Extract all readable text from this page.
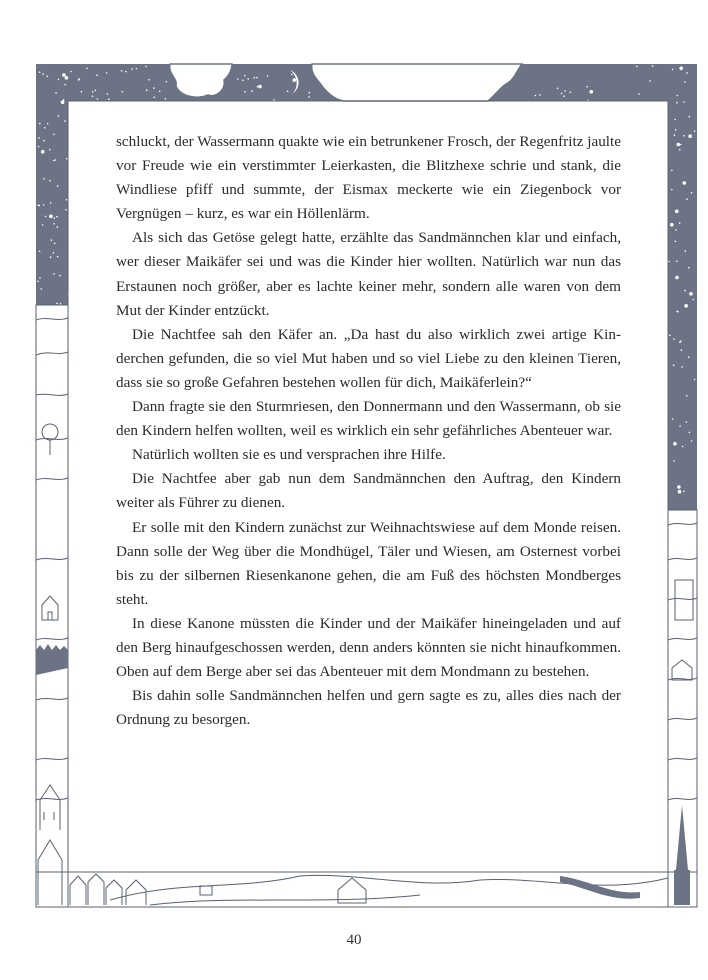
schluckt, der Wassermann quakte wie ein betrunkener Frosch, der Regenfritz jaulte vor Freude wie ein verstimmter Leierkasten, die Blitzhexe schrie und stank, die Windliese pfiff und summte, der Eismax meckerte wie ein Ziegenbock vor Vergnügen – kurz, es war ein Höllenlärm.

Als sich das Getöse gelegt hatte, erzählte das Sandmännchen klar und einfach, wer dieser Maikäfer sei und was die Kinder hier wollten. Natürlich war nun das Erstaunen noch größer, aber es lachte keiner mehr, sondern alle waren von dem Mut der Kinder entzückt.

Die Nachtfee sah den Käfer an. „Da hast du also wirklich zwei artige Kinderchen gefunden, die so viel Mut haben und so viel Liebe zu den kleinen Tieren, dass sie so große Gefahren bestehen wollen für dich, Maikäferlein?“

Dann fragte sie den Sturmriesen, den Donnermann und den Wassermann, ob sie den Kindern helfen wollten, weil es wirklich ein sehr gefährliches Abenteuer war.

Natürlich wollten sie es und versprachen ihre Hilfe.

Die Nachtfee aber gab nun dem Sandmännchen den Auftrag, den Kindern weiter als Führer zu dienen.

Er solle mit den Kindern zunächst zur Weihnachtswiese auf dem Monde reisen. Dann solle der Weg über die Mondhügel, Täler und Wiesen, am Osternest vorbei bis zu der silbernen Riesenkanone gehen, die am Fuß des höchsten Mondberges steht.

In diese Kanone müssten die Kinder und der Maikäfer hineingeladen und auf den Berg hinaufgeschossen werden, denn anders könnten sie nicht hinaufkommen. Oben auf dem Berge aber sei das Abenteuer mit dem Mondmann zu bestehen.

Bis dahin solle Sandmännchen helfen und gern sagte es zu, alles dies nach der Ordnung zu besorgen.

40
